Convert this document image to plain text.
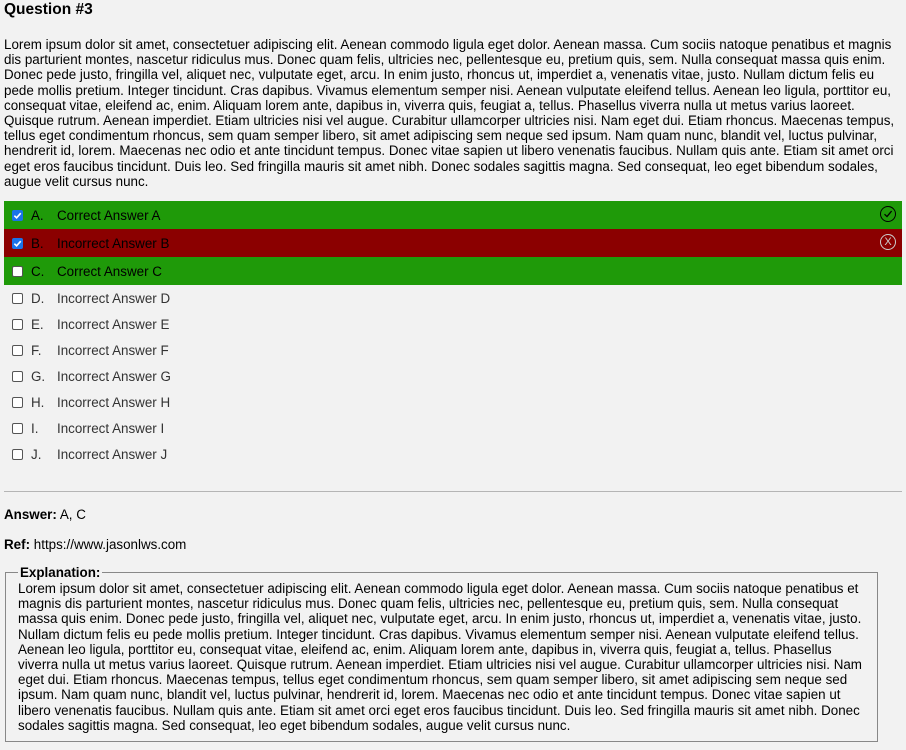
Question #3

Lorem ipsum dolor sit amet, consectetuer adipiscing elit. Aenean commodo ligula eget dolor. Aenean massa. Cum sociis natoque penatibus et magnis dis parturient montes, nascetur ridiculus mus. Donec quam felis, ultricies nec, pellentesque eu, pretium quis, sem. Nulla consequat massa quis enim. Donec pede justo, fringilla vel, aliquet nec, vulputate eget, arcu. In enim justo, rhoncus ut, imperdiet a, venenatis vitae, justo. Nullam dictum felis eu pede mollis pretium. Integer tincidunt. Cras dapibus. Vivamus elementum semper nisi. Aenean vulputate eleifend tellus. Aenean leo ligula, porttitor eu, consequat vitae, eleifend ac, enim. Aliquam lorem ante, dapibus in, viverra quis, feugiat a, tellus. Phasellus viverra nulla ut metus varius laoreet. Quisque rutrum. Aenean imperdiet. Etiam ultricies nisi vel augue. Curabitur ullamcorper ultricies nisi. Nam eget dui. Etiam rhoncus. Maecenas tempus, tellus eget condimentum rhoncus, sem quam semper libero, sit amet adipiscing sem neque sed ipsum. Nam quam nunc, blandit vel, luctus pulvinar, hendrerit id, lorem. Maecenas nec odio et ante tincidunt tempus. Donec vitae sapien ut libero venenatis faucibus. Nullam quis ante. Etiam sit amet orci eget eros faucibus tincidunt. Duis leo. Sed fringilla mauris sit amet nibh. Donec sodales sagittis magna. Sed consequat, leo eget bibendum sodales, augue velit cursus nunc.

A. Correct Answer A
B. Incorrect Answer B	X
C. Correct Answer C
D. Incorrect Answer D
E. Incorrect Answer E
F.	Incorrect Answer F
G. Incorrect Answer G
H. Incorrect Answer H
I.	Incorrect Answer I
J.	Incorrect Answer J
Answer: A, C
Ref: https://www.jasonlws.com
Explanation:

Lorem ipsum dolor sit amet, consectetuer adipiscing elit. Aenean commodo ligula eget dolor. Aenean massa. Cum sociis natoque penatibus et magnis dis parturient montes, nascetur ridiculus mus. Donec quam felis, ultricies nec, pellentesque eu, pretium quis, sem. Nulla consequat massa quis enim. Donec pede justo, fringilla vel, aliquet nec, vulputate eget, arcu. In enim justo, rhoncus ut, imperdiet a, venenatis vitae, justo. Nullam dictum felis eu pede mollis pretium. Integer tincidunt. Cras dapibus. Vivamus elementum semper nisi. Aenean vulputate eleifend tellus. Aenean leo ligula, porttitor eu, consequat vitae, eleifend ac, enim. Aliquam lorem ante, dapibus in, viverra quis, feugiat a, tellus. Phasellus viverra nulla ut metus varius laoreet. Quisque rutrum. Aenean imperdiet. Etiam ultricies nisi vel augue. Curabitur ullamcorper ultricies nisi. Nam eget dui. Etiam rhoncus. Maecenas tempus, tellus eget condimentum rhoncus, sem quam semper libero, sit amet adipiscing sem neque sed ipsum. Nam quam nunc, blandit vel, luctus pulvinar, hendrerit id, lorem. Maecenas nec odio et ante tincidunt tempus. Donec vitae sapien ut libero venenatis faucibus. Nullam quis ante. Etiam sit amet orci eget eros faucibus tincidunt. Duis leo. Sed fringilla mauris sit amet nibh. Donec sodales sagittis magna. Sed consequat, leo eget bibendum sodales, augue velit cursus nunc.
